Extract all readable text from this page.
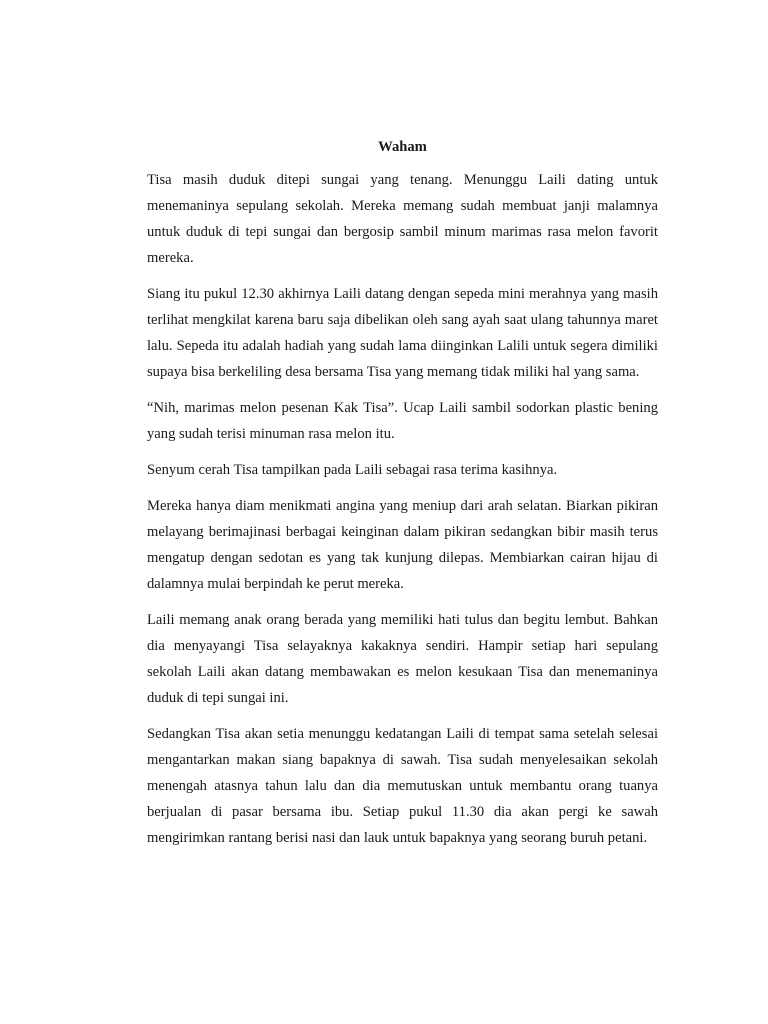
Waham

Tisa masih duduk ditepi sungai yang tenang. Menunggu Laili dating untuk menemaninya sepulang sekolah. Mereka memang sudah membuat janji malamnya untuk duduk di tepi sungai dan bergosip sambil minum marimas rasa melon favorit mereka.

Siang itu pukul 12.30 akhirnya Laili datang dengan sepeda mini merahnya yang masih terlihat mengkilat karena baru saja dibelikan oleh sang ayah saat ulang tahunnya maret lalu. Sepeda itu adalah hadiah yang sudah lama diinginkan Lalili untuk segera dimiliki supaya bisa berkeliling desa bersama Tisa yang memang tidak miliki hal yang sama.

“Nih, marimas melon pesenan Kak Tisa”. Ucap Laili sambil sodorkan plastic bening yang sudah terisi minuman rasa melon itu.

Senyum cerah Tisa tampilkan pada Laili sebagai rasa terima kasihnya.

Mereka hanya diam menikmati angina yang meniup dari arah selatan. Biarkan pikiran melayang berimajinasi berbagai keinginan dalam pikiran sedangkan bibir masih terus mengatup dengan sedotan es yang tak kunjung dilepas. Membiarkan cairan hijau di dalamnya mulai berpindah ke perut mereka.

Laili memang anak orang berada yang memiliki hati tulus dan begitu lembut. Bahkan dia menyayangi Tisa selayaknya kakaknya sendiri. Hampir setiap hari sepulang sekolah Laili akan datang membawakan es melon kesukaan Tisa dan menemaninya duduk di tepi sungai ini.

Sedangkan Tisa akan setia menunggu kedatangan Laili di tempat sama setelah selesai mengantarkan makan siang bapaknya di sawah. Tisa sudah menyelesaikan sekolah menengah atasnya tahun lalu dan dia memutuskan untuk membantu orang tuanya berjualan di pasar bersama ibu. Setiap pukul 11.30 dia akan pergi ke sawah mengirimkan rantang berisi nasi dan lauk untuk bapaknya yang seorang buruh petani.
